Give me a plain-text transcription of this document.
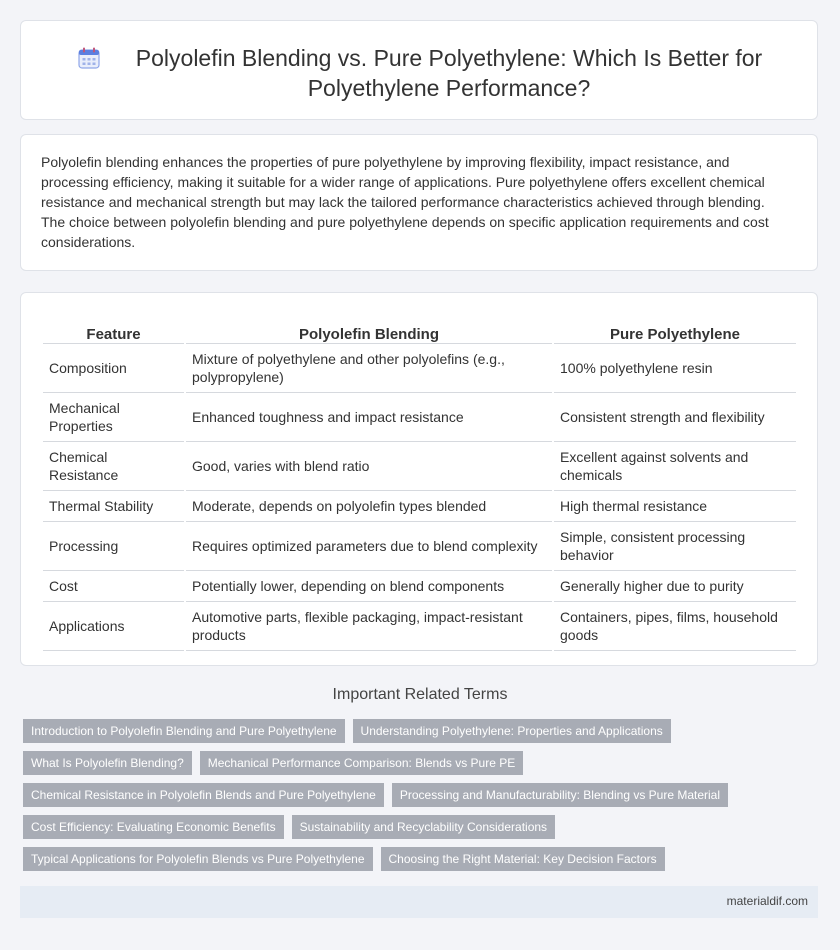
Polyolefin Blending vs. Pure Polyethylene: Which Is Better for Polyethylene Performance?

Polyolefin blending enhances the properties of pure polyethylene by improving flexibility, impact resistance, and processing efficiency, making it suitable for a wider range of applications. Pure polyethylene offers excellent chemical resistance and mechanical strength but may lack the tailored performance characteristics achieved through blending. The choice between polyolefin blending and pure polyethylene depends on specific application requirements and cost considerations.

Feature	Polyolefin Blending	Pure Polyethylene
Composition	Mixture of polyethylene and other polyolefins (e.g., polypropylene)	100% polyethylene resin
Mechanical Properties	Enhanced toughness and impact resistance	Consistent strength and flexibility
Chemical Resistance	Good, varies with blend ratio	Excellent against solvents and chemicals
Thermal Stability	Moderate, depends on polyolefin types blended	High thermal resistance
Processing	Requires optimized parameters due to blend complexity	Simple, consistent processing behavior
Cost	Potentially lower, depending on blend components	Generally higher due to purity
Applications	Automotive parts, flexible packaging, impact-resistant products	Containers, pipes, films, household goods
Important Related Terms
Introduction to Polyolefin Blending and Pure Polyethylene	Understanding Polyethylene: Properties and Applications
What Is Polyolefin Blending?	Mechanical Performance Comparison: Blends vs Pure PE
Chemical Resistance in Polyolefin Blends and Pure Polyethylene	Processing and Manufacturability: Blending vs Pure Material
Cost Efficiency: Evaluating Economic Benefits	Sustainability and Recyclability Considerations
Typical Applications for Polyolefin Blends vs Pure Polyethylene	Choosing the Right Material: Key Decision Factors
materialdif.com
